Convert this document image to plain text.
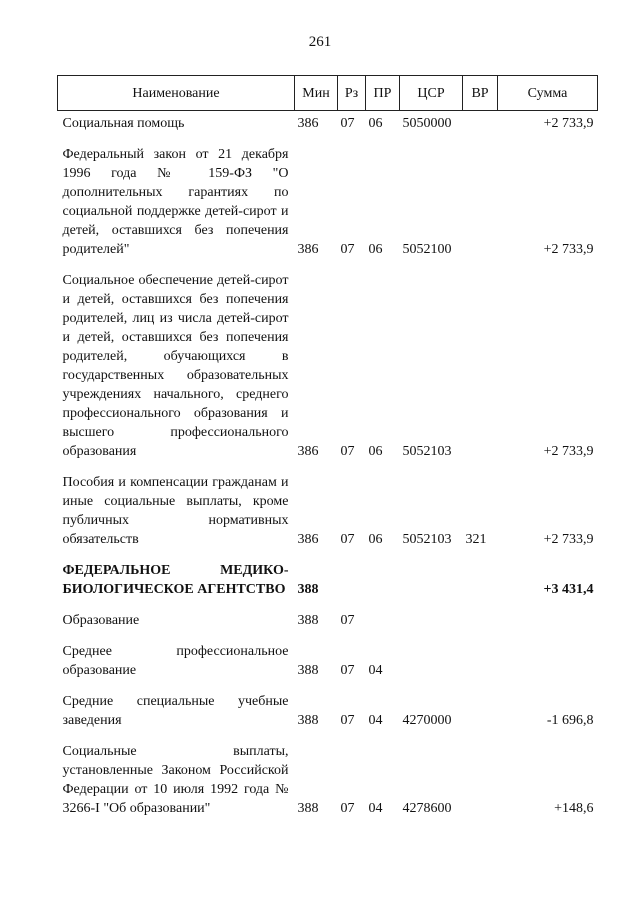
261
Наименование	Мин	Рз	ПР	ЦСР	ВР	Сумма
Социальная помощь	386	07	06	5050000		+2 733,9
Федеральный закон от 21 декабря 1996 года № 159-ФЗ "О дополнительных гарантиях по социальной поддержке детей-сирот и детей, оставшихся без попечения родителей"	386	07	06	5052100		+2 733,9
Социальное обеспечение детей-сирот и детей, оставшихся без попечения родителей, лиц из числа детей-сирот и детей, оставшихся без попечения родителей, обучающихся в государственных образовательных учреждениях начального, среднего профессионального образования и высшего профессионального образования	386	07	06	5052103		+2 733,9
Пособия и компенсации гражданам и иные социальные выплаты, кроме публичных нормативных обязательств	386	07	06	5052103	321	+2 733,9
ФЕДЕРАЛЬНОЕ МЕДИКО-БИОЛОГИЧЕСКОЕ АГЕНТСТВО	388					+3 431,4
Образование	388	07				
Среднее профессиональное образование	388	07	04			
Средние специальные учебные заведения	388	07	04	4270000		-1 696,8
Социальные выплаты, установленные Законом Российской Федерации от 10 июля 1992 года № 3266-I "Об образовании"	388	07	04	4278600		+148,6
